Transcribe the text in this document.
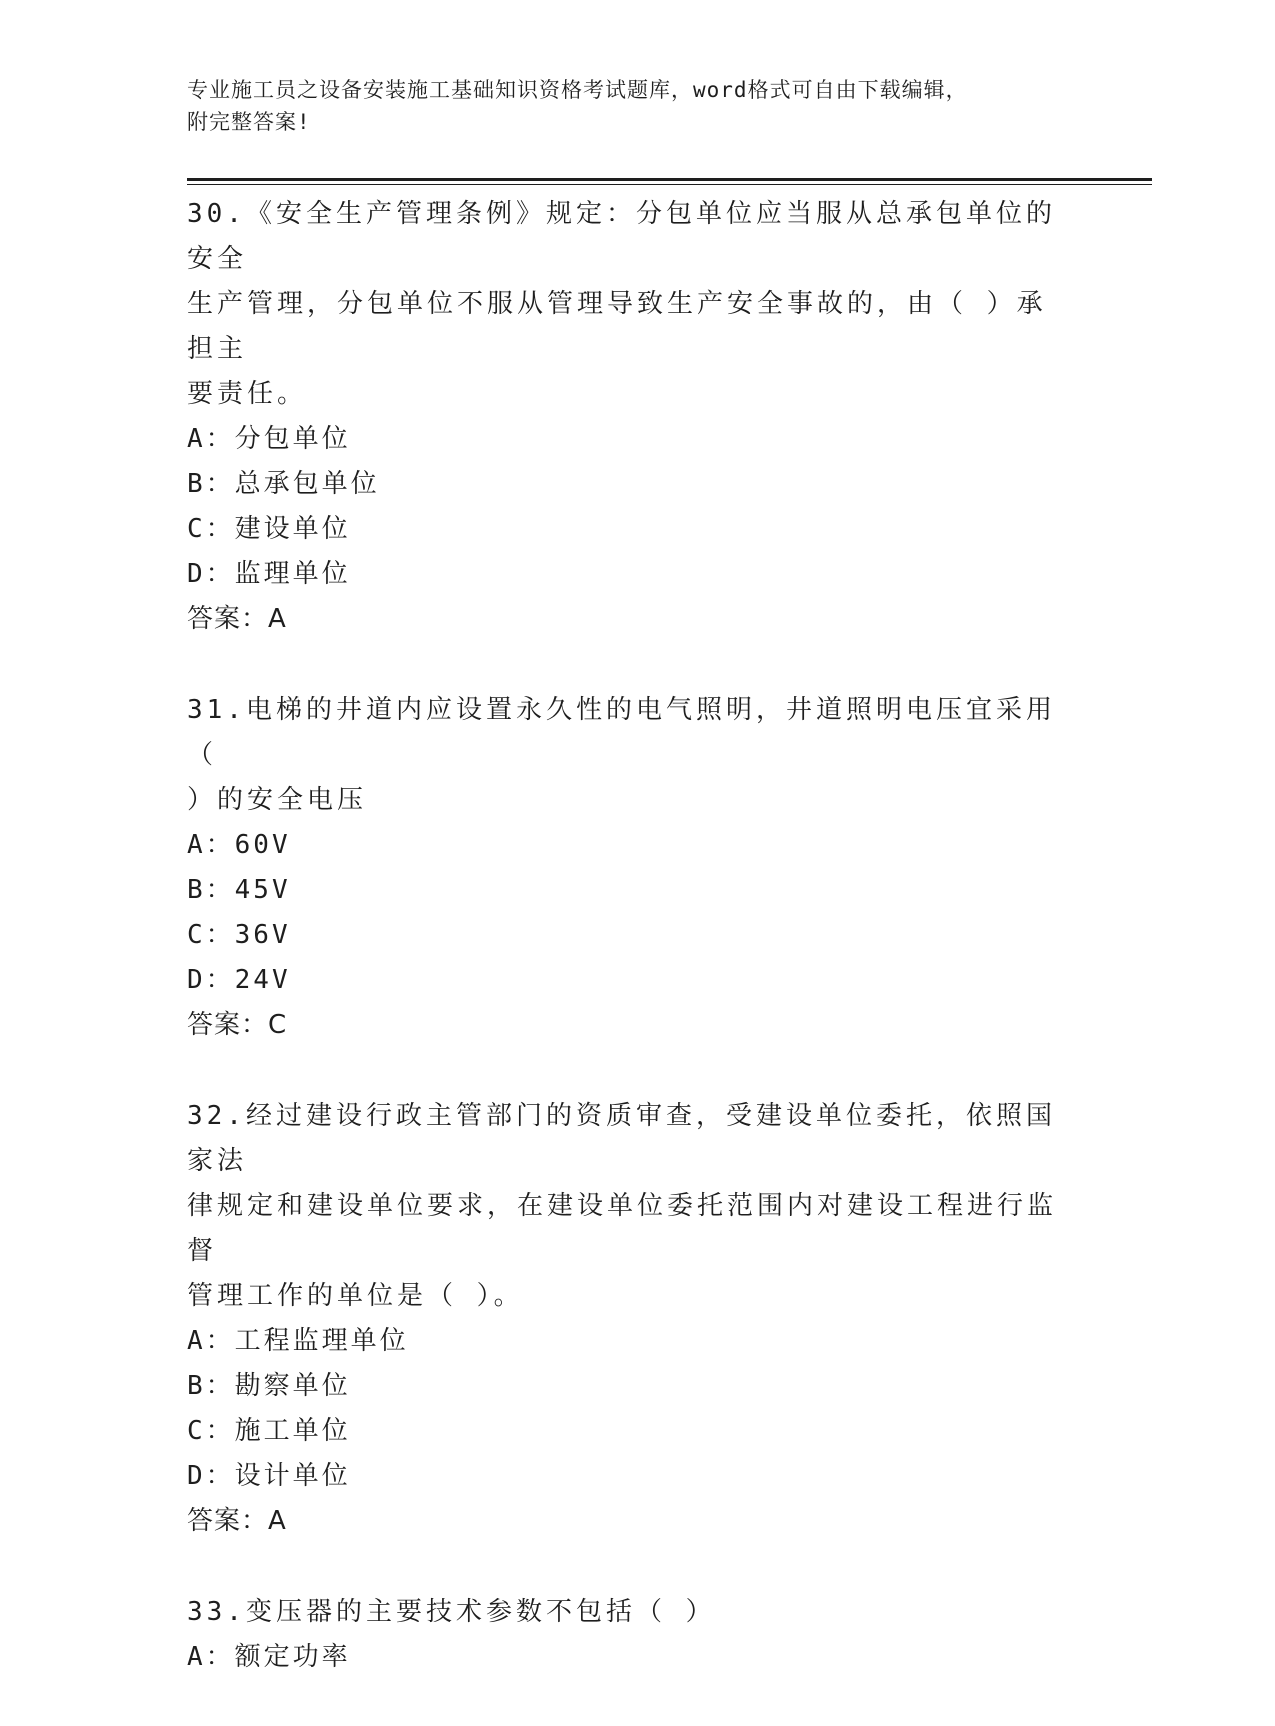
专业施工员之设备安装施工基础知识资格考试题库，word格式可自由下载编辑，
附完整答案!

30.《安全生产管理条例》规定：分包单位应当服从总承包单位的安全

生产管理，分包单位不服从管理导致生产安全事故的，由（ ）承担主

要责任。

A：分包单位

B：总承包单位

C：建设单位

D：监理单位

答案：A

31.电梯的井道内应设置永久性的电气照明，井道照明电压宜采用（

）的安全电压

A：60V

B：45V

C：36V

D：24V

答案：C

32.经过建设行政主管部门的资质审查，受建设单位委托，依照国家法

律规定和建设单位要求，在建设单位委托范围内对建设工程进行监督

管理工作的单位是（ ）。

A：工程监理单位

B：勘察单位

C：施工单位

D：设计单位

答案：A

33.变压器的主要技术参数不包括（ ）

A：额定功率
